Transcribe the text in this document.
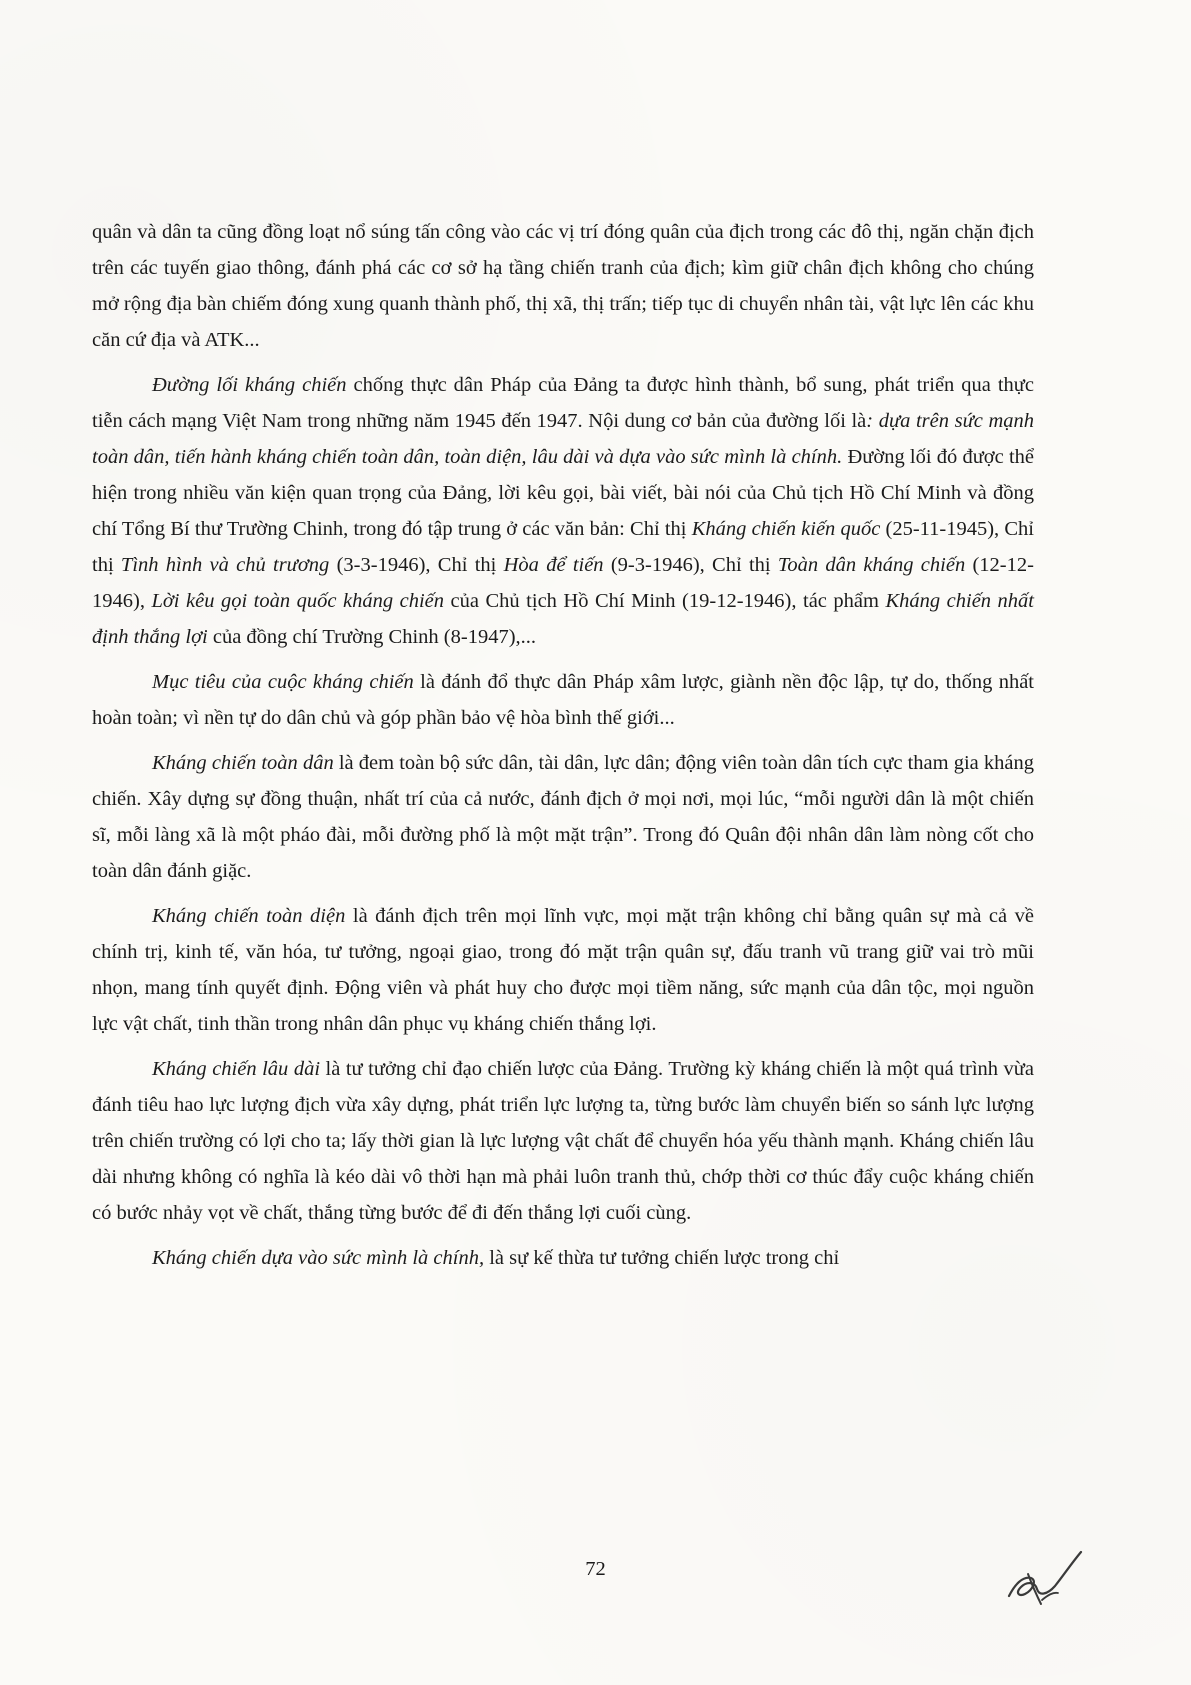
quân và dân ta cũng đồng loạt nổ súng tấn công vào các vị trí đóng quân của địch trong các đô thị, ngăn chặn địch trên các tuyến giao thông, đánh phá các cơ sở hạ tầng chiến tranh của địch; kìm giữ chân địch không cho chúng mở rộng địa bàn chiếm đóng xung quanh thành phố, thị xã, thị trấn; tiếp tục di chuyển nhân tài, vật lực lên các khu căn cứ địa và ATK...

Đường lối kháng chiến chống thực dân Pháp của Đảng ta được hình thành, bổ sung, phát triển qua thực tiễn cách mạng Việt Nam trong những năm 1945 đến 1947. Nội dung cơ bản của đường lối là: dựa trên sức mạnh toàn dân, tiến hành kháng chiến toàn dân, toàn diện, lâu dài và dựa vào sức mình là chính. Đường lối đó được thể hiện trong nhiều văn kiện quan trọng của Đảng, lời kêu gọi, bài viết, bài nói của Chủ tịch Hồ Chí Minh và đồng chí Tổng Bí thư Trường Chinh, trong đó tập trung ở các văn bản: Chỉ thị Kháng chiến kiến quốc (25-11-1945), Chỉ thị Tình hình và chủ trương (3-3-1946), Chỉ thị Hòa để tiến (9-3-1946), Chỉ thị Toàn dân kháng chiến (12-12-1946), Lời kêu gọi toàn quốc kháng chiến của Chủ tịch Hồ Chí Minh (19-12-1946), tác phẩm Kháng chiến nhất định thắng lợi của đồng chí Trường Chinh (8-1947),...

Mục tiêu của cuộc kháng chiến là đánh đổ thực dân Pháp xâm lược, giành nền độc lập, tự do, thống nhất hoàn toàn; vì nền tự do dân chủ và góp phần bảo vệ hòa bình thế giới...

Kháng chiến toàn dân là đem toàn bộ sức dân, tài dân, lực dân; động viên toàn dân tích cực tham gia kháng chiến. Xây dựng sự đồng thuận, nhất trí của cả nước, đánh địch ở mọi nơi, mọi lúc, “mỗi người dân là một chiến sĩ, mỗi làng xã là một pháo đài, mỗi đường phố là một mặt trận”. Trong đó Quân đội nhân dân làm nòng cốt cho toàn dân đánh giặc.

Kháng chiến toàn diện là đánh địch trên mọi lĩnh vực, mọi mặt trận không chỉ bằng quân sự mà cả về chính trị, kinh tế, văn hóa, tư tưởng, ngoại giao, trong đó mặt trận quân sự, đấu tranh vũ trang giữ vai trò mũi nhọn, mang tính quyết định. Động viên và phát huy cho được mọi tiềm năng, sức mạnh của dân tộc, mọi nguồn lực vật chất, tinh thần trong nhân dân phục vụ kháng chiến thắng lợi.

Kháng chiến lâu dài là tư tưởng chỉ đạo chiến lược của Đảng. Trường kỳ kháng chiến là một quá trình vừa đánh tiêu hao lực lượng địch vừa xây dựng, phát triển lực lượng ta, từng bước làm chuyển biến so sánh lực lượng trên chiến trường có lợi cho ta; lấy thời gian là lực lượng vật chất để chuyển hóa yếu thành mạnh. Kháng chiến lâu dài nhưng không có nghĩa là kéo dài vô thời hạn mà phải luôn tranh thủ, chớp thời cơ thúc đẩy cuộc kháng chiến có bước nhảy vọt về chất, thắng từng bước để đi đến thắng lợi cuối cùng.

Kháng chiến dựa vào sức mình là chính, là sự kế thừa tư tưởng chiến lược trong chỉ

72
